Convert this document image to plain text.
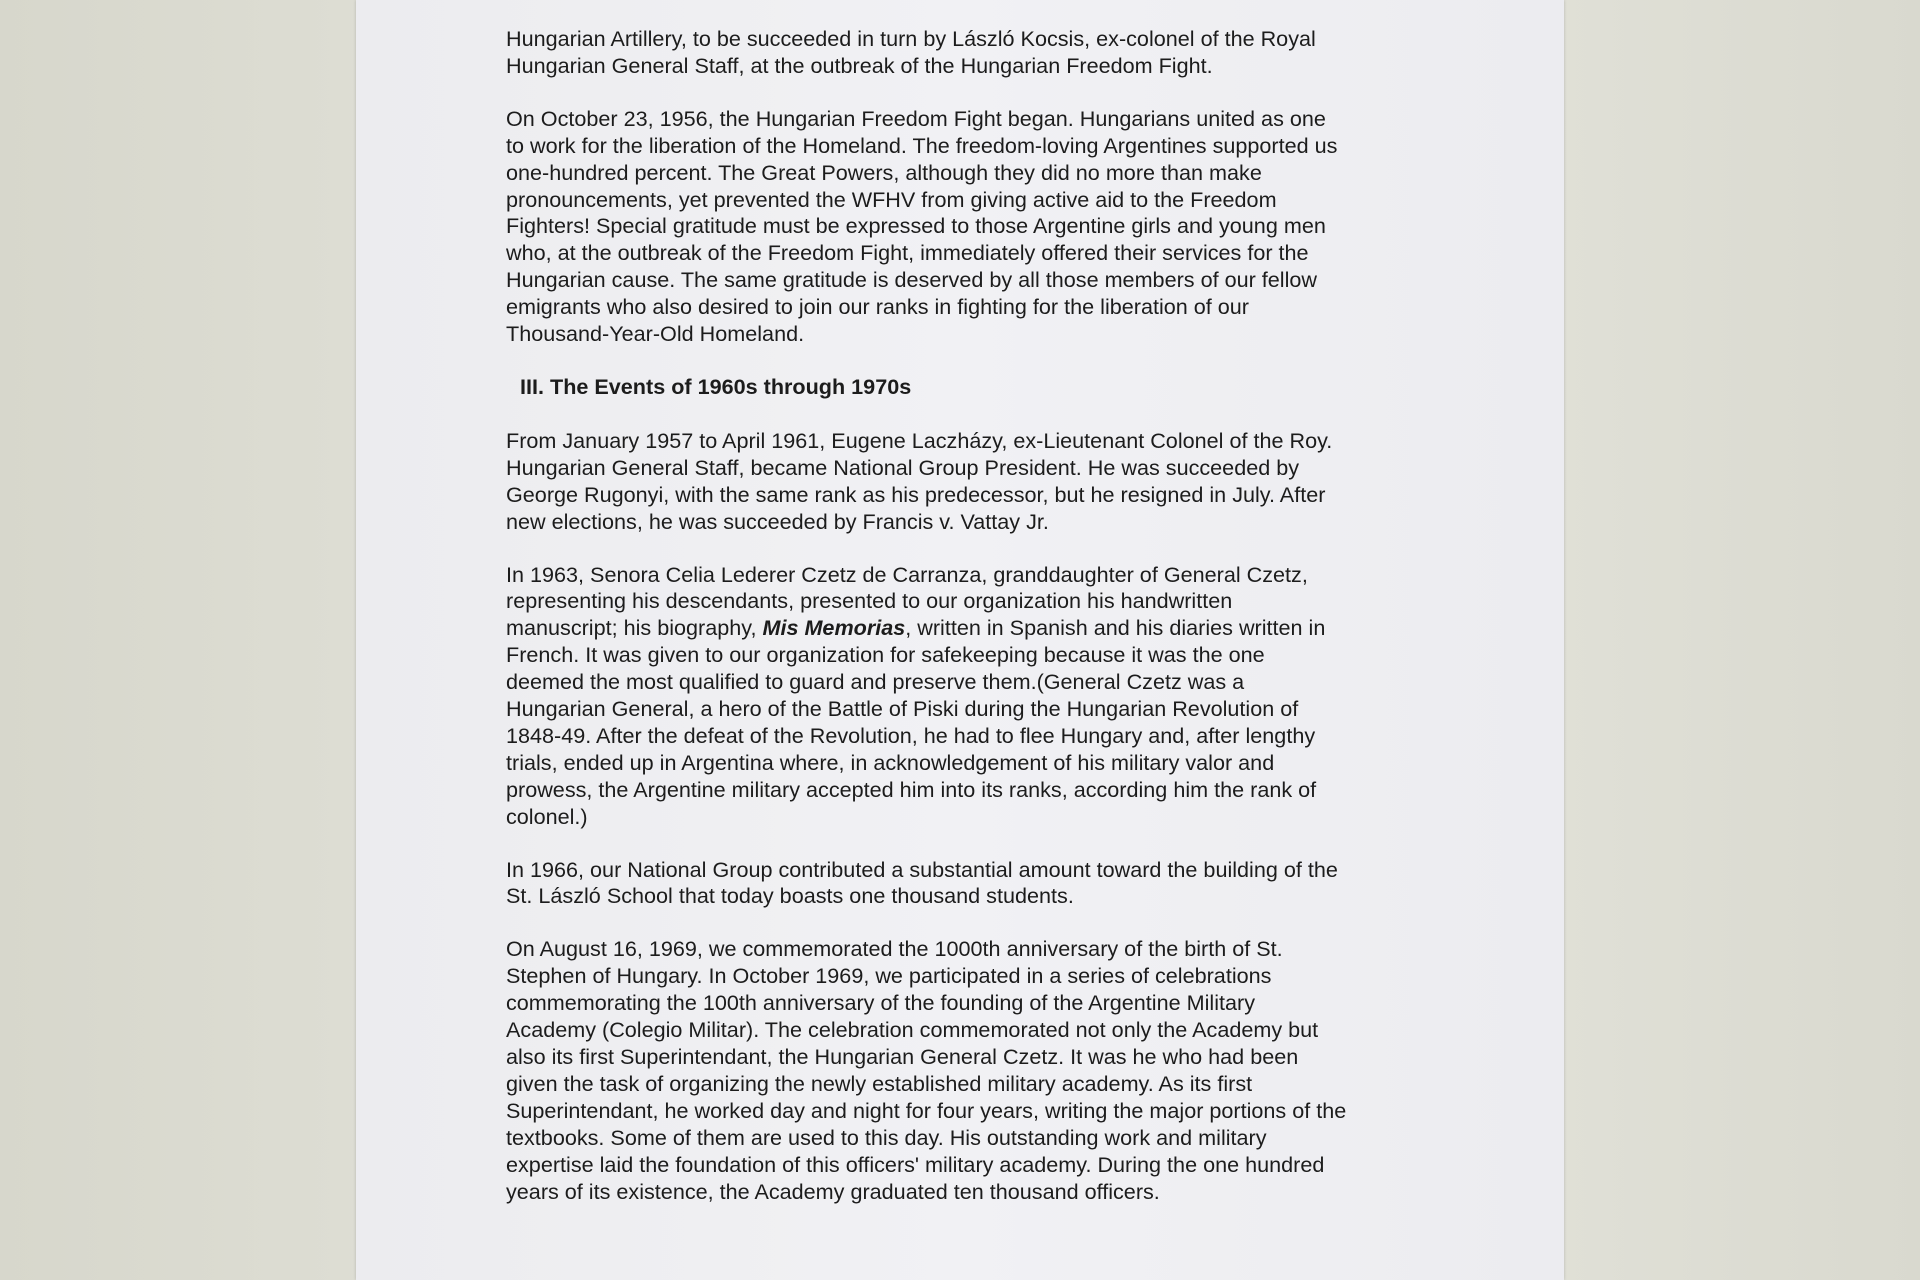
Hungarian Artillery, to be succeeded in turn by László Kocsis, ex-colonel of the Royal
Hungarian General Staff, at the outbreak of the Hungarian Freedom Fight.

On October 23, 1956, the Hungarian Freedom Fight began. Hungarians united as one
to work for the liberation of the Homeland. The freedom-loving Argentines supported us
one-hundred percent. The Great Powers, although they did no more than make
pronouncements, yet prevented the WFHV from giving active aid to the Freedom
Fighters! Special gratitude must be expressed to those Argentine girls and young men
who, at the outbreak of the Freedom Fight, immediately offered their services for the
Hungarian cause. The same gratitude is deserved by all those members of our fellow
emigrants who also desired to join our ranks in fighting for the liberation of our
Thousand-Year-Old Homeland.

III. The Events of 1960s through 1970s

From January 1957 to April 1961, Eugene Laczházy, ex-Lieutenant Colonel of the Roy.
Hungarian General Staff, became National Group President. He was succeeded by
George Rugonyi, with the same rank as his predecessor, but he resigned in July. After
new elections, he was succeeded by Francis v. Vattay Jr.

In 1963, Senora Celia Lederer Czetz de Carranza, granddaughter of General Czetz,
representing his descendants, presented to our organization his handwritten
manuscript; his biography, Mis Memorias, written in Spanish and his diaries written in
French. It was given to our organization for safekeeping because it was the one
deemed the most qualified to guard and preserve them.(General Czetz was a
Hungarian General, a hero of the Battle of Piski during the Hungarian Revolution of
1848-49. After the defeat of the Revolution, he had to flee Hungary and, after lengthy
trials, ended up in Argentina where, in acknowledgement of his military valor and
prowess, the Argentine military accepted him into its ranks, according him the rank of
colonel.)

In 1966, our National Group contributed a substantial amount toward the building of the
St. László School that today boasts one thousand students.

On August 16, 1969, we commemorated the 1000th anniversary of the birth of St.
Stephen of Hungary. In October 1969, we participated in a series of celebrations
commemorating the 100th anniversary of the founding of the Argentine Military
Academy (Colegio Militar). The celebration commemorated not only the Academy but
also its first Superintendant, the Hungarian General Czetz. It was he who had been
given the task of organizing the newly established military academy. As its first
Superintendant, he worked day and night for four years, writing the major portions of the
textbooks. Some of them are used to this day. His outstanding work and military
expertise laid the foundation of this officers' military academy. During the one hundred
years of its existence, the Academy graduated ten thousand officers.
